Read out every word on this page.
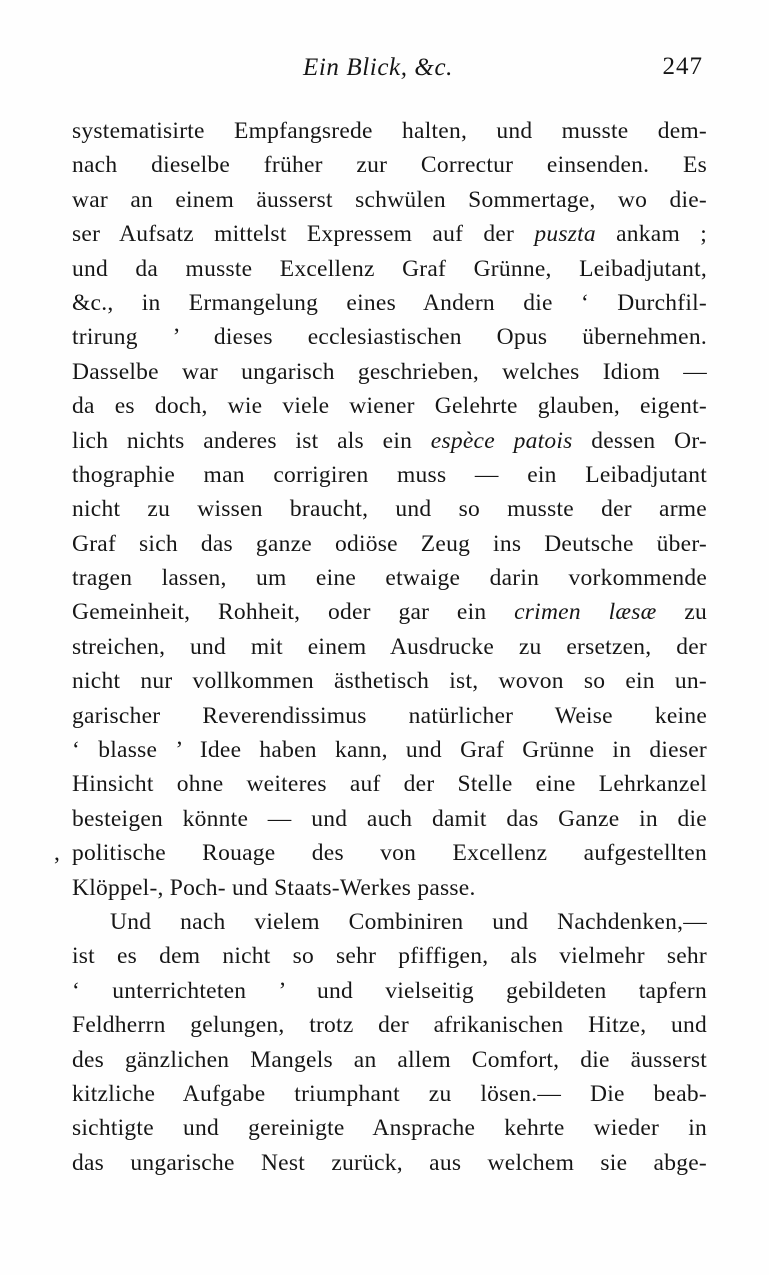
Ein Blick, &c.	247
systematisirte Empfangsrede halten, und musste dem-
nach dieselbe früher zur Correctur einsenden. Es
war an einem äusserst schwülen Sommertage, wo die-
ser Aufsatz mittelst Expressem auf der puszta ankam ;
und da musste Excellenz Graf Grünne, Leibadjutant,
&c., in Ermangelung eines Andern die ‘ Durchfil-
trirung ’ dieses ecclesiastischen Opus übernehmen.
Dasselbe war ungarisch geschrieben, welches Idiom —
da es doch, wie viele wiener Gelehrte glauben, eigent-
lich nichts anderes ist als ein espèce patois dessen Or-
thographie man corrigiren muss — ein Leibadjutant
nicht zu wissen braucht, und so musste der arme
Graf sich das ganze odiöse Zeug ins Deutsche über-
tragen lassen, um eine etwaige darin vorkommende
Gemeinheit, Rohheit, oder gar ein crimen læsæ zu
streichen, und mit einem Ausdrucke zu ersetzen, der
nicht nur vollkommen ästhetisch ist, wovon so ein un-
garischer Reverendissimus natürlicher Weise keine
‘ blasse ’ Idee haben kann, und Graf Grünne in dieser
Hinsicht ohne weiteres auf der Stelle eine Lehrkanzel
besteigen könnte — und auch damit das Ganze in die
, politische Rouage des von Excellenz aufgestellten
Klöppel-, Poch- und Staats-Werkes passe.
Und nach vielem Combiniren und Nachdenken,—
ist es dem nicht so sehr pfiffigen, als vielmehr sehr
‘ unterrichteten ’ und vielseitig gebildeten tapfern
Feldherrn gelungen, trotz der afrikanischen Hitze, und
des gänzlichen Mangels an allem Comfort, die äusserst
kitzliche Aufgabe triumphant zu lösen.— Die beab-
sichtigte und gereinigte Ansprache kehrte wieder in
das ungarische Nest zurück, aus welchem sie abge-
